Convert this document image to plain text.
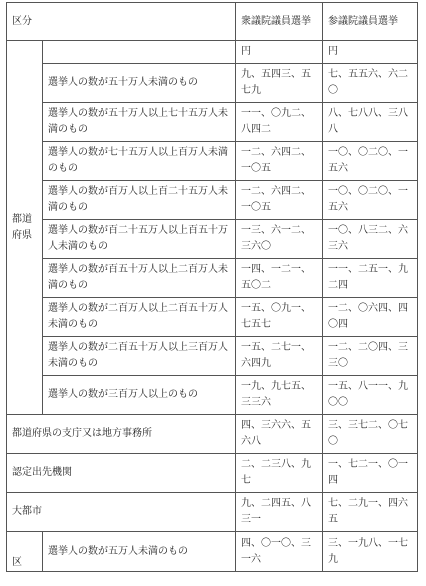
区分		衆議院議員選挙	参議院議員選挙
都道府県		円	円
	選挙人の数が五十万人未満のもの	九、五四三、五七九	七、五五六、六二〇
	選挙人の数が五十万人以上七十五万人未満のもの	一一、〇九二、八四二	八、七八八、三八八
	選挙人の数が七十五万人以上百万人未満のもの	一二、六四二、一〇五	一〇、〇二〇、一五六
	選挙人の数が百万人以上百二十五万人未満のもの	一二、六四二、一〇五	一〇、〇二〇、一五六
	選挙人の数が百二十五万人以上百五十万人未満のもの	一三、六一二、三六〇	一〇、八三二、六三六
	選挙人の数が百五十万人以上二百万人未満のもの	一四、一二一、五〇二	一一、二五一、九二四
	選挙人の数が二百万人以上二百五十万人未満のもの	一五、〇九一、七五七	一二、〇六四、四〇四
	選挙人の数が二百五十万人以上三百万人未満のもの	一五、二七一、六四九	一二、二〇四、三三〇
	選挙人の数が三百万人以上のもの	一九、九七五、三三六	一五、八一一、九〇〇
都道府県の支庁又は地方事務所		四、三六六、五六八	三、三七二、〇七〇
認定出先機関		二、二三八、九七	一、七二一、〇一四
大都市		九、二四五、八三一	七、二九一、四六五
区	選挙人の数が五万人未満のもの	四、〇一〇、三一六	三、一九八、一七九
